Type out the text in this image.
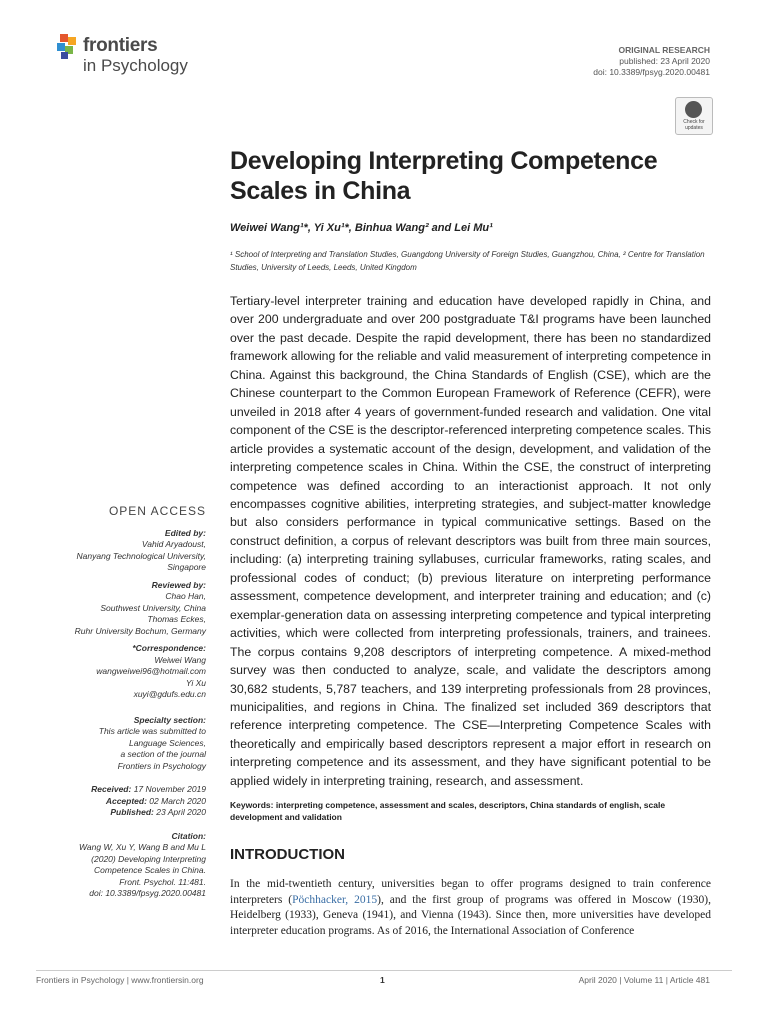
frontiers
in Psychology
ORIGINAL RESEARCH
published: 23 April 2020
doi: 10.3389/fpsyg.2020.00481
Check for
updates
Developing Interpreting Competence Scales in China
Weiwei Wang¹*, Yi Xu¹*, Binhua Wang² and Lei Mu¹
¹ School of Interpreting and Translation Studies, Guangdong University of Foreign Studies, Guangzhou, China, ² Centre for Translation Studies, University of Leeds, Leeds, United Kingdom
Tertiary-level interpreter training and education have developed rapidly in China, and over 200 undergraduate and over 200 postgraduate T&I programs have been launched over the past decade. Despite the rapid development, there has been no standardized framework allowing for the reliable and valid measurement of interpreting competence in China. Against this background, the China Standards of English (CSE), which are the Chinese counterpart to the Common European Framework of Reference (CEFR), were unveiled in 2018 after 4 years of government-funded research and validation. One vital component of the CSE is the descriptor-referenced interpreting competence scales. This article provides a systematic account of the design, development, and validation of the interpreting competence scales in China. Within the CSE, the construct of interpreting competence was defined according to an interactionist approach. It not only encompasses cognitive abilities, interpreting strategies, and subject-matter knowledge but also considers performance in typical communicative settings. Based on the construct definition, a corpus of relevant descriptors was built from three main sources, including: (a) interpreting training syllabuses, curricular frameworks, rating scales, and professional codes of conduct; (b) previous literature on interpreting performance assessment, competence development, and interpreter training and education; and (c) exemplar-generation data on assessing interpreting competence and typical interpreting activities, which were collected from interpreting professionals, trainers, and trainees. The corpus contains 9,208 descriptors of interpreting competence. A mixed-method survey was then conducted to analyze, scale, and validate the descriptors among 30,682 students, 5,787 teachers, and 139 interpreting professionals from 28 provinces, municipalities, and regions in China. The finalized set included 369 descriptors that reference interpreting competence. The CSE—Interpreting Competence Scales with theoretically and empirically based descriptors represent a major effort in research on interpreting competence and its assessment, and they have significant potential to be applied widely in interpreting training, research, and assessment.
Keywords: interpreting competence, assessment and scales, descriptors, China standards of english, scale development and validation
INTRODUCTION
In the mid-twentieth century, universities began to offer programs designed to train conference interpreters (Pöchhacker, 2015), and the first group of programs was offered in Moscow (1930), Heidelberg (1933), Geneva (1941), and Vienna (1943). Since then, more universities have developed interpreter education programs. As of 2016, the International Association of Conference
OPEN ACCESS
Edited by:
Vahid Aryadoust,
Nanyang Technological University,
Singapore
Reviewed by:
Chao Han,
Southwest University, China
Thomas Eckes,
Ruhr University Bochum, Germany
*Correspondence:
Weiwei Wang
wangweiwei96@hotmail.com
Yi Xu
xuyi@gdufs.edu.cn
Specialty section:
This article was submitted to
Language Sciences,
a section of the journal
Frontiers in Psychology
Received: 17 November 2019
Accepted: 02 March 2020
Published: 23 April 2020
Citation:
Wang W, Xu Y, Wang B and Mu L
(2020) Developing Interpreting
Competence Scales in China.
Front. Psychol. 11:481.
doi: 10.3389/fpsyg.2020.00481
Frontiers in Psychology | www.frontiersin.org	1	April 2020 | Volume 11 | Article 481
